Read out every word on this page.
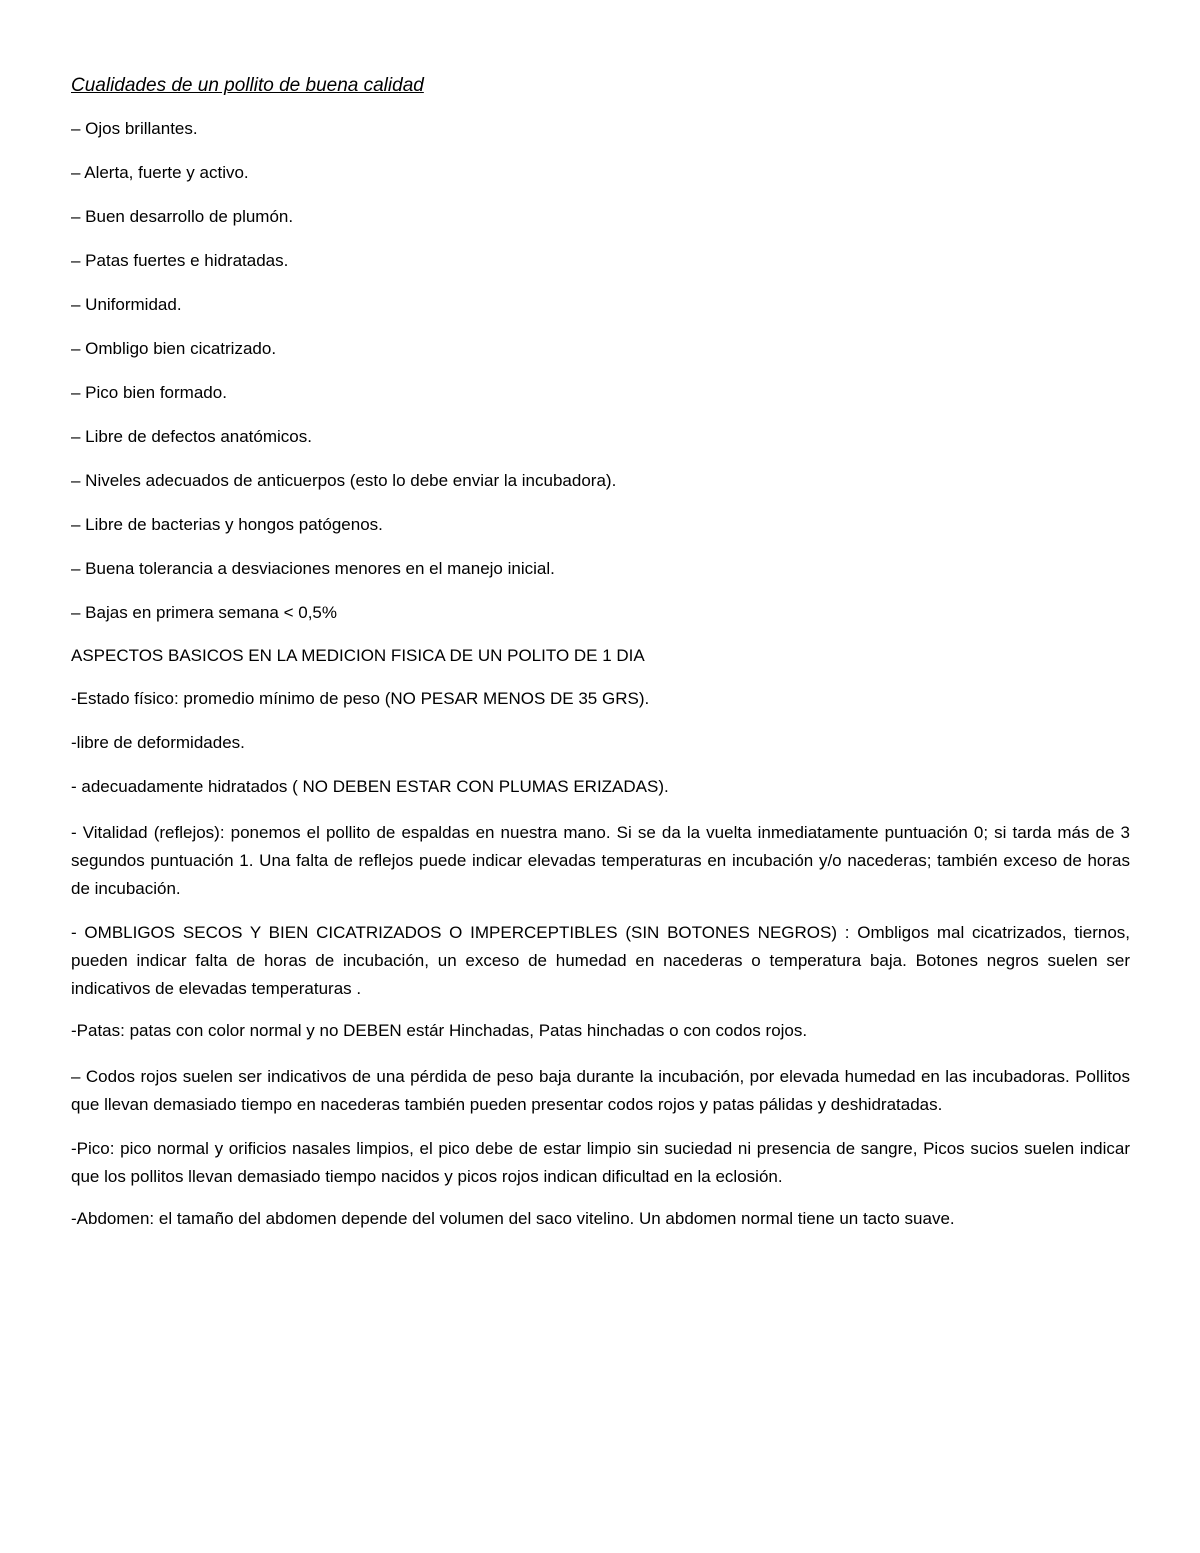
Cualidades de un pollito de buena calidad
– Ojos brillantes.
– Alerta, fuerte y activo.
– Buen desarrollo de plumón.
– Patas fuertes e hidratadas.
– Uniformidad.
– Ombligo bien cicatrizado.
– Pico bien formado.
– Libre de defectos anatómicos.
– Niveles adecuados de anticuerpos (esto lo debe enviar la incubadora).
– Libre de bacterias y hongos patógenos.
– Buena tolerancia a desviaciones menores en el manejo inicial.
– Bajas en primera semana < 0,5%

ASPECTOS BASICOS EN LA MEDICION FISICA DE UN POLITO DE 1 DIA

-Estado físico: promedio mínimo de peso (NO PESAR MENOS DE 35 GRS).

-libre de deformidades.

- adecuadamente hidratados ( NO DEBEN ESTAR CON PLUMAS ERIZADAS).

- Vitalidad (reflejos): ponemos el pollito de espaldas en nuestra mano. Si se da la vuelta inmediatamente puntuación 0; si tarda más de 3 segundos puntuación 1. Una falta de reflejos puede indicar elevadas temperaturas en incubación y/o nacederas; también exceso de horas de incubación.

- OMBLIGOS SECOS Y BIEN CICATRIZADOS O IMPERCEPTIBLES (SIN BOTONES NEGROS) : Ombligos mal cicatrizados, tiernos, pueden indicar falta de horas de incubación, un exceso de humedad en nacederas o temperatura baja. Botones negros suelen ser indicativos de elevadas temperaturas .

-Patas: patas con color normal y no DEBEN estár Hinchadas, Patas hinchadas o con codos rojos.

– Codos rojos suelen ser indicativos de una pérdida de peso baja durante la incubación, por elevada humedad en las incubadoras. Pollitos que llevan demasiado tiempo en nacederas también pueden presentar codos rojos y patas pálidas y deshidratadas.

-Pico: pico normal y orificios nasales limpios, el pico debe de estar limpio sin suciedad ni presencia de sangre, Picos sucios suelen indicar que los pollitos llevan demasiado tiempo nacidos y picos rojos indican dificultad en la eclosión.

-Abdomen: el tamaño del abdomen depende del volumen del saco vitelino. Un abdomen normal tiene un tacto suave.
